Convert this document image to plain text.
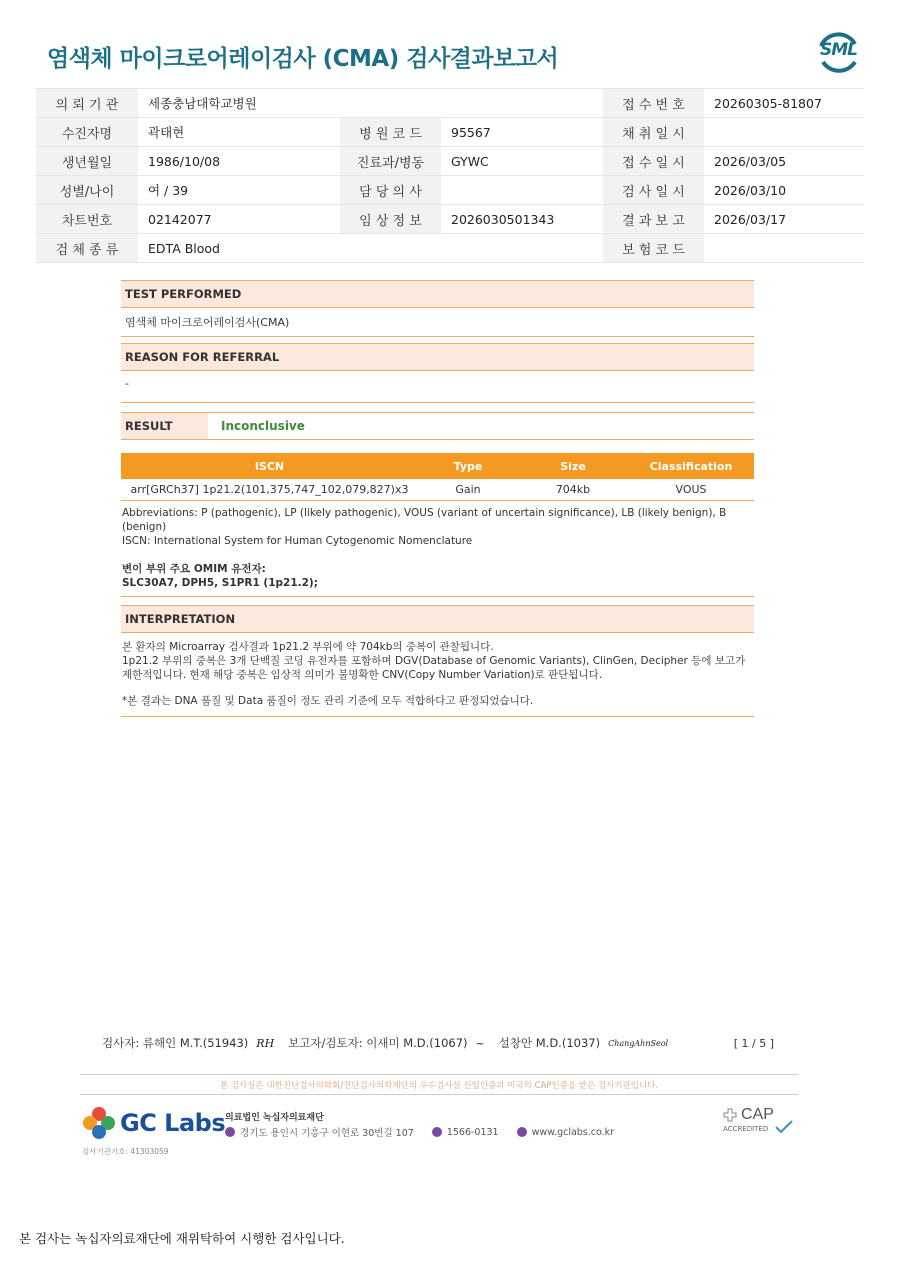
염색체 마이크로어레이검사 (CMA) 검사결과보고서	SML
의 뢰 기 관	세종충남대학교병원	접 수 번 호	20260305-81807
수진자명	곽태현	병 원 코 드	95567	채 취 일 시
생년월일	1986/10/08	진료과/병동	GYWC	접 수 일 시	2026/03/05
성별/나이	여 / 39	담 당 의 사	검 사 일 시	2026/03/10
차트번호	02142077	임 상 정 보	2026030501343	결 과 보 고	2026/03/17
검 체 종 류	EDTA Blood	보 험 코 드
TEST PERFORMED
염색체 마이크로어레이검사(CMA)
REASON FOR REFERRAL
-
RESULT	Inconclusive
ISCN	Type	Size	Classification
arr[GRCh37] 1p21.2(101,375,747_102,079,827)x3	Gain	704kb	VOUS
Abbreviations: P (pathogenic), LP (likely pathogenic), VOUS (variant of uncertain significance), LB (likely benign), B (benign)
ISCN: International System for Human Cytogenomic Nomenclature
변이 부위 주요 OMIM 유전자:
SLC30A7, DPH5, S1PR1 (1p21.2);
INTERPRETATION
본 환자의 Microarray 검사결과 1p21.2 부위에 약 704kb의 중복이 관찰됩니다.
1p21.2 부위의 중복은 3개 단백질 코딩 유전자를 포함하며 DGV(Database of Genomic Variants), ClinGen, Decipher 등에 보고가
제한적입니다. 현재 해당 중복은 임상적 의미가 불명확한 CNV(Copy Number Variation)로 판단됩니다.
*본 결과는 DNA 품질 및 Data 품질이 정도 관리 기준에 모두 적합하다고 판정되었습니다.
검사자: 류해인 M.T.(51943) RH 보고자/검토자: 이새미 M.D.(1067) ~ 설창안 M.D.(1037) ChangAhnSeol	[ 1 / 5 ]
본 검사실은 대한진단검사의학회/진단검사의학재단의 우수검사실 신임인증과 미국의 CAP인증을 받은 검사기관입니다.
GC Labs
검사기관기호: 41303059
의료법인 녹십자의료재단
경기도 용인시 기흥구 이현로 30번길 107	1566-0131	www.gclabs.co.kr
CAP
ACCREDITED
본 검사는 녹십자의료재단에 재위탁하여 시행한 검사입니다.
